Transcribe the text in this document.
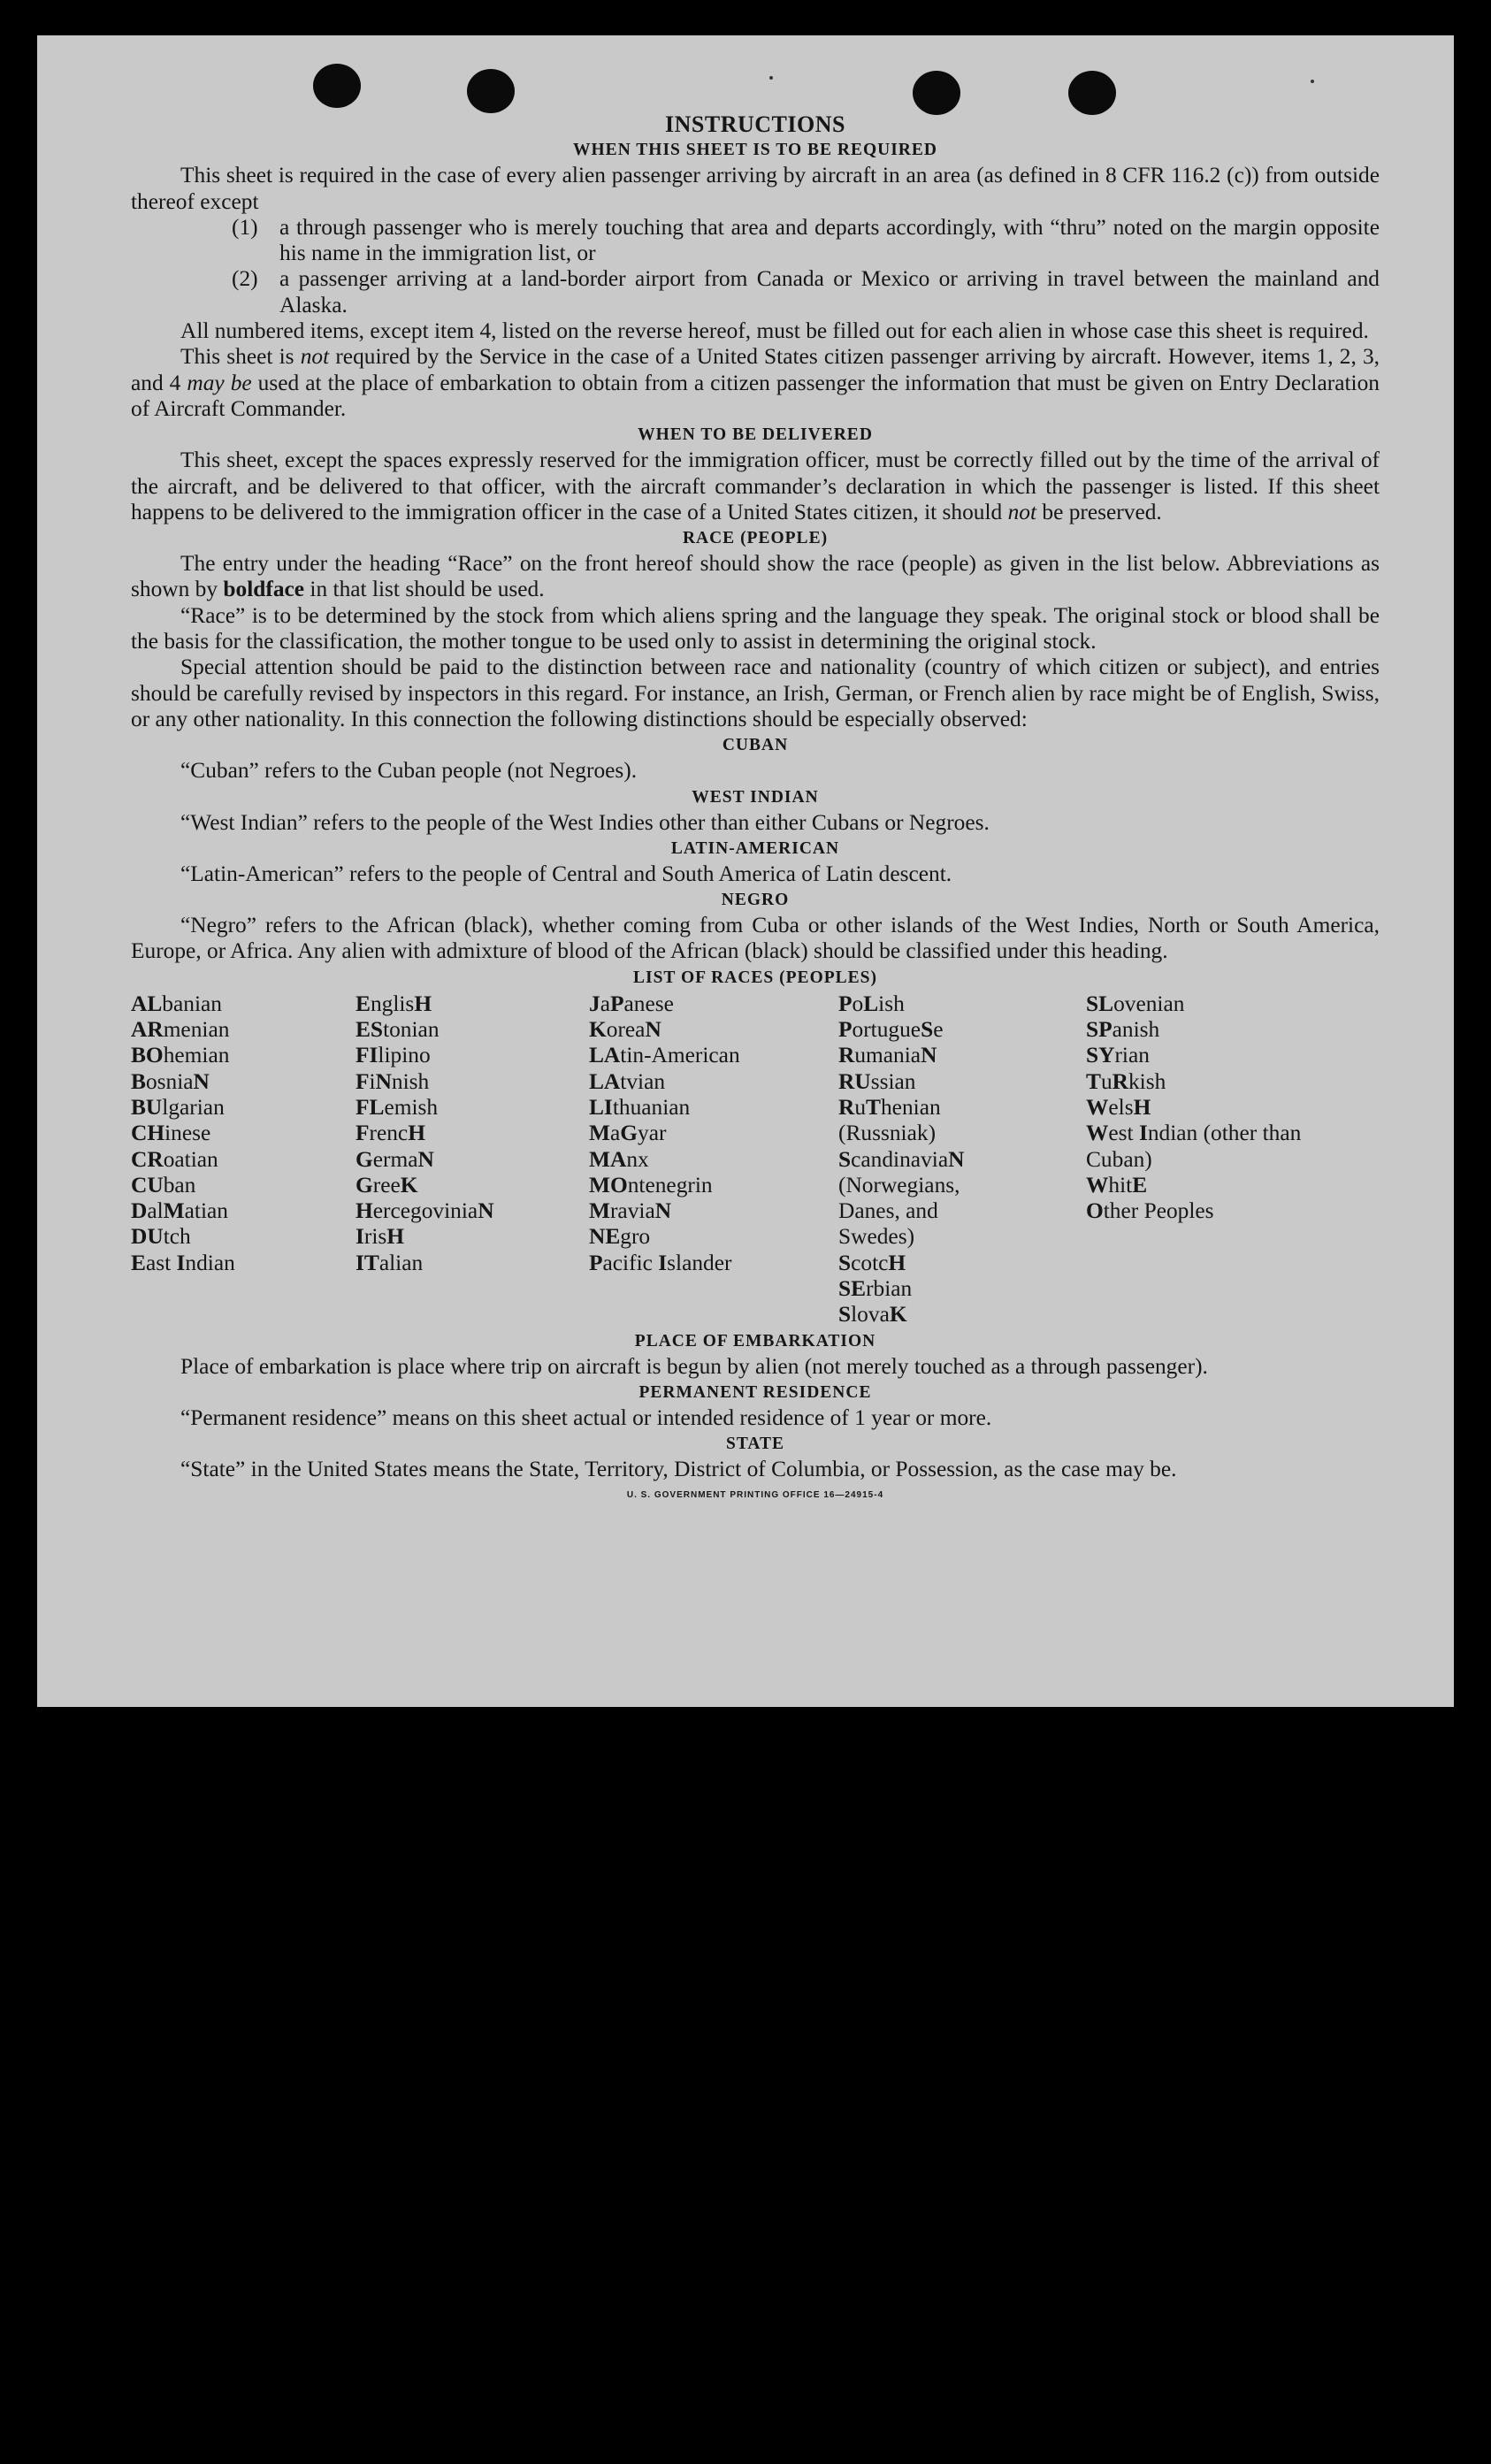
INSTRUCTIONS

WHEN THIS SHEET IS TO BE REQUIRED

This sheet is required in the case of every alien passenger arriving by aircraft in an area (as defined in 8 CFR 116.2 (c)) from outside thereof except

(1) a through passenger who is merely touching that area and departs accordingly, with “thru” noted on the margin opposite his name in the immigration list, or
(2) a passenger arriving at a land-border airport from Canada or Mexico or arriving in travel between the mainland and Alaska.

All numbered items, except item 4, listed on the reverse hereof, must be filled out for each alien in whose case this sheet is required.

This sheet is not required by the Service in the case of a United States citizen passenger arriving by aircraft. However, items 1, 2, 3, and 4 may be used at the place of embarkation to obtain from a citizen passenger the information that must be given on Entry Declaration of Aircraft Commander.

WHEN TO BE DELIVERED

This sheet, except the spaces expressly reserved for the immigration officer, must be correctly filled out by the time of the arrival of the aircraft, and be delivered to that officer, with the aircraft commander’s declaration in which the passenger is listed. If this sheet happens to be delivered to the immigration officer in the case of a United States citizen, it should not be preserved.

RACE (PEOPLE)

The entry under the heading “Race” on the front hereof should show the race (people) as given in the list below. Abbreviations as shown by boldface in that list should be used.

“Race” is to be determined by the stock from which aliens spring and the language they speak. The original stock or blood shall be the basis for the classification, the mother tongue to be used only to assist in determining the original stock.

Special attention should be paid to the distinction between race and nationality (country of which citizen or subject), and entries should be carefully revised by inspectors in this regard. For instance, an Irish, German, or French alien by race might be of English, Swiss, or any other nationality. In this connection the following distinctions should be especially observed:

CUBAN

“Cuban” refers to the Cuban people (not Negroes).

WEST INDIAN

“West Indian” refers to the people of the West Indies other than either Cubans or Negroes.

LATIN-AMERICAN

“Latin-American” refers to the people of Central and South America of Latin descent.

NEGRO

“Negro” refers to the African (black), whether coming from Cuba or other islands of the West Indies, North or South America, Europe, or Africa. Any alien with admixture of blood of the African (black) should be classified under this heading.

LIST OF RACES (PEOPLES)

ALbanian
ARmenian
BOhemian
BosniaN
BUlgarian
CHinese
CRoatian
CUban
DalMatian
DUtch
East Indian
EnglisH
EStonian
FIlipino
FiNnish
FLemish
FrencH
GermaN
GreeK
HercegoviniaN
IrisH
ITalian
JaPanese
KoreaN
LAtin-American
LAtvian
LIthuanian
MaGyar
MAnx
MOntenegrin
MraviaN
NEgro
Pacific Islander
PoLish
PortugueSe
RumaniaN
RUssian
RuThenian (Russniak)
ScandinaviaN (Norwegians, Danes, and Swedes)
ScotcH
SErbian
SlovaK
SLovenian
SPanish
SYrian
TuRkish
WelsH
West Indian (other than Cuban)
WhitE
Other Peoples

PLACE OF EMBARKATION

Place of embarkation is place where trip on aircraft is begun by alien (not merely touched as a through passenger).

PERMANENT RESIDENCE

“Permanent residence” means on this sheet actual or intended residence of 1 year or more.

STATE

“State” in the United States means the State, Territory, District of Columbia, or Possession, as the case may be.

U. S. GOVERNMENT PRINTING OFFICE 16—24915-4
